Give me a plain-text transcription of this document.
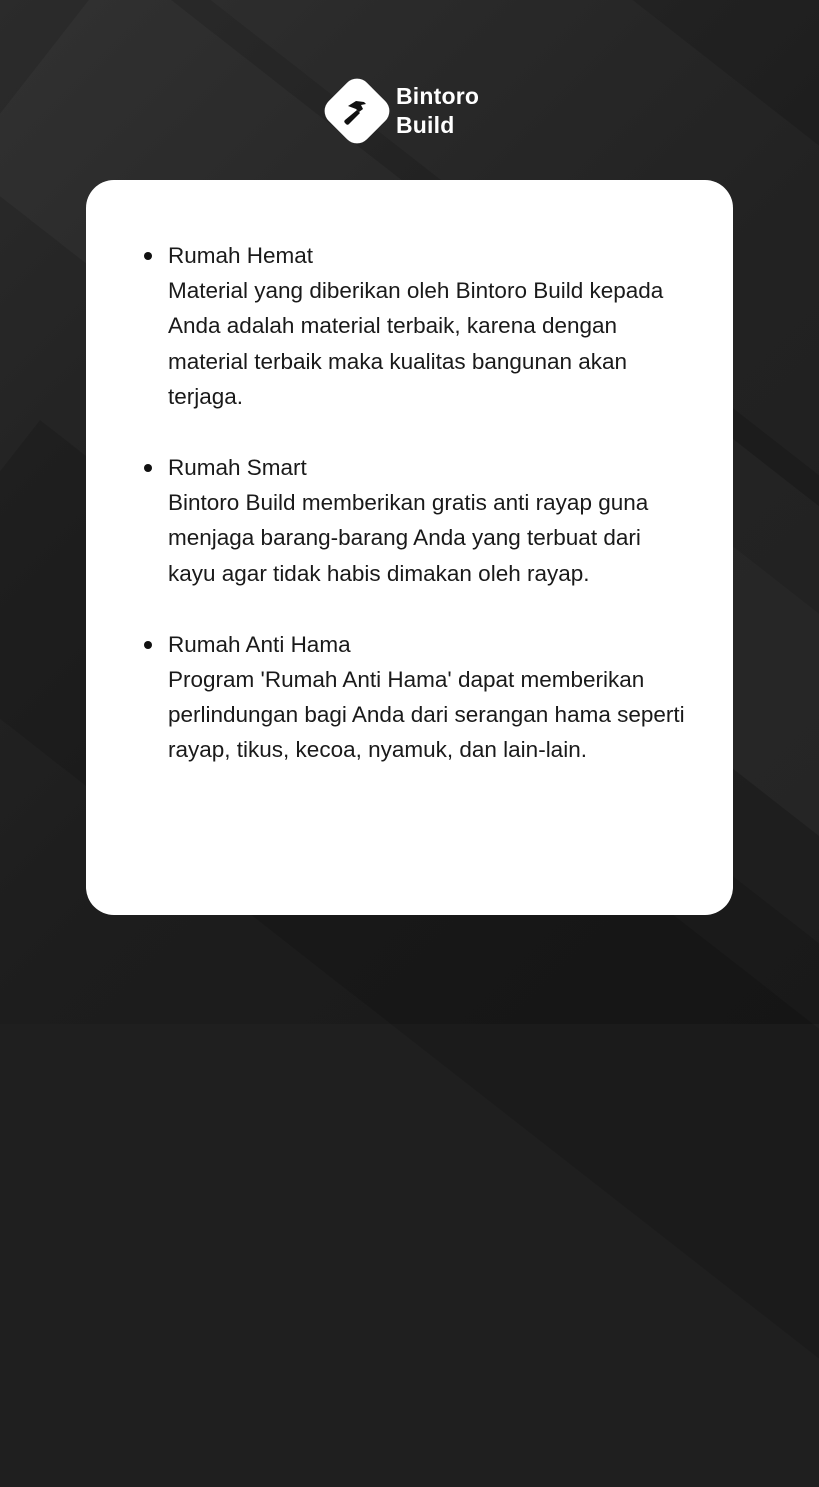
Bintoro
Build
Rumah Hemat
Material yang diberikan oleh Bintoro Build kepada Anda adalah material terbaik, karena dengan material terbaik maka kualitas bangunan akan terjaga.
Rumah Smart
Bintoro Build memberikan gratis anti rayap guna menjaga barang-barang Anda yang terbuat dari kayu agar tidak habis dimakan oleh rayap.
Rumah Anti Hama
Program 'Rumah Anti Hama' dapat memberikan perlindungan bagi Anda dari serangan hama seperti rayap, tikus, kecoa, nyamuk, dan lain-lain.
